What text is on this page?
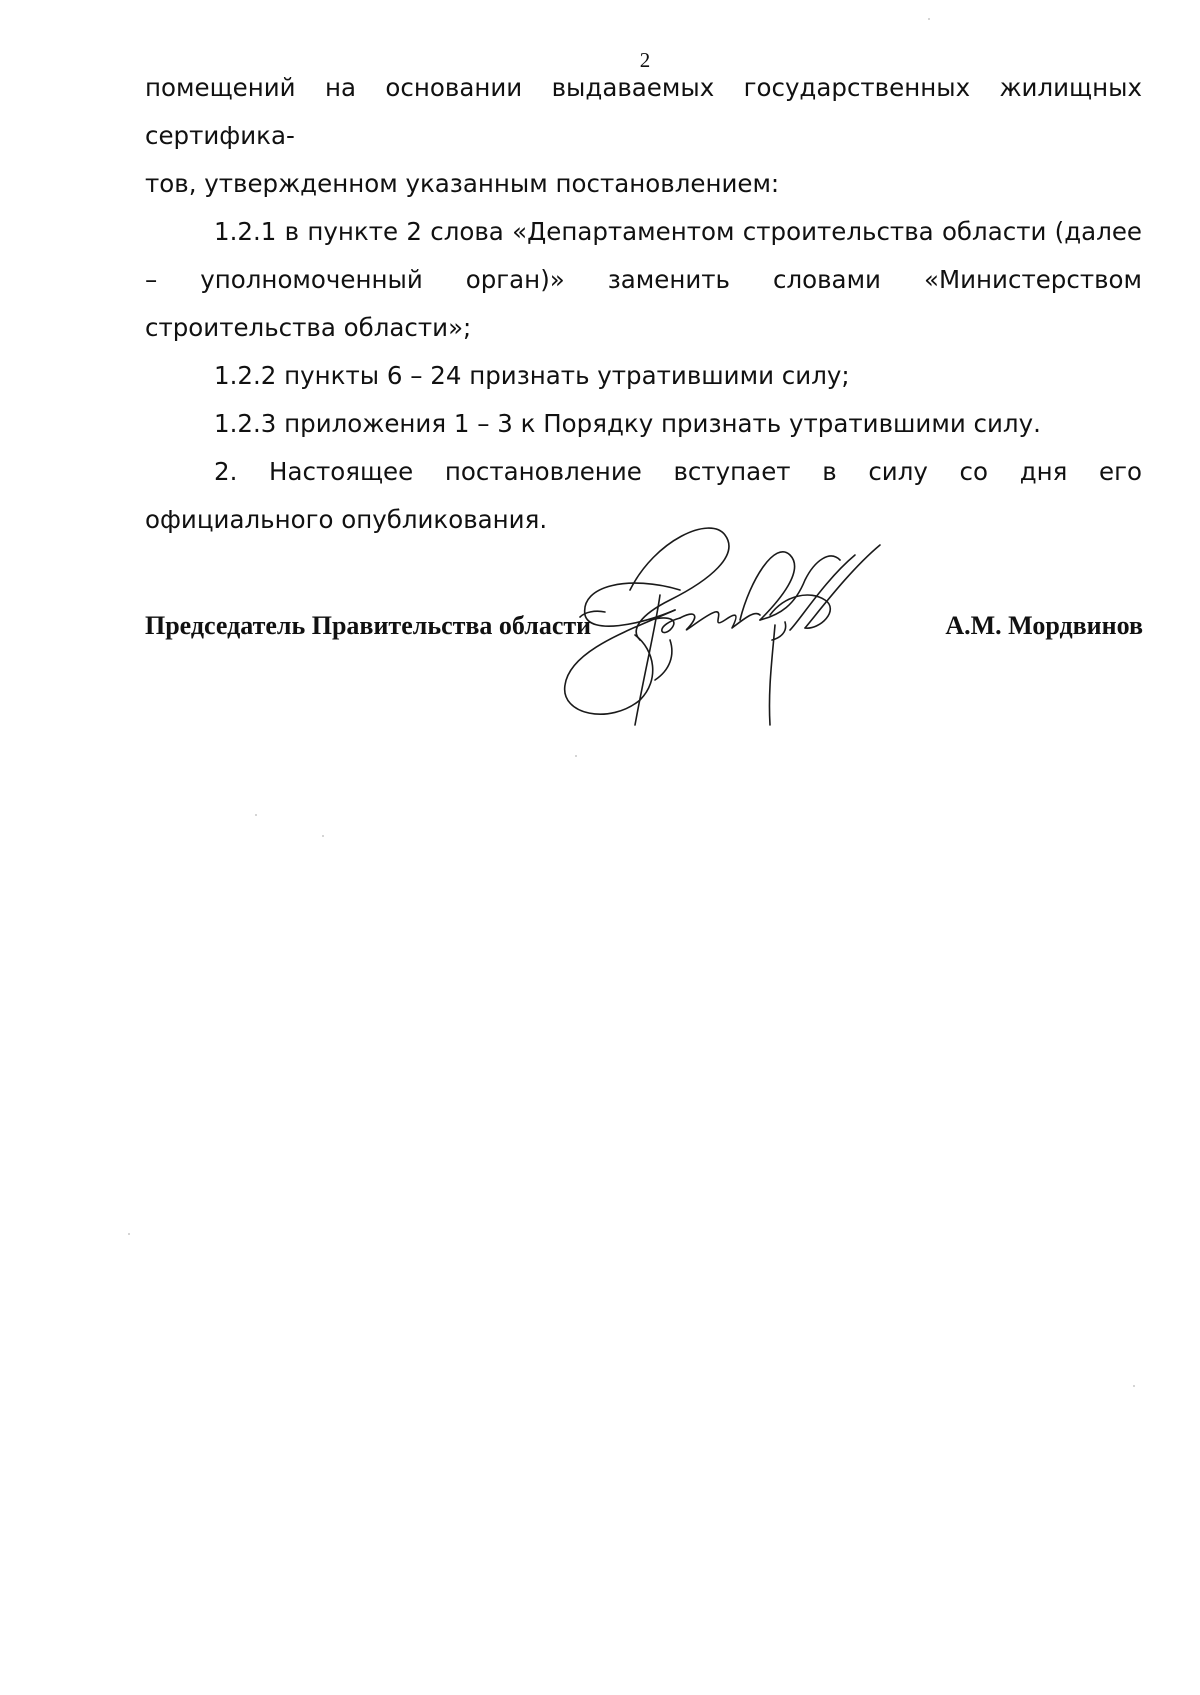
2

помещений на основании выдаваемых государственных жилищных сертифика-

тов, утвержденном указанным постановлением:

1.2.1 в пункте 2 слова «Департаментом строительства области (далее – уполномоченный орган)» заменить словами «Министерством строительства области»;

1.2.2 пункты 6 – 24 признать утратившими силу;

1.2.3 приложения 1 – 3 к Порядку признать утратившими силу.

2. Настоящее постановление вступает в силу со дня его официального опубликования.

Председатель Правительства области	А.М. Мордвинов
